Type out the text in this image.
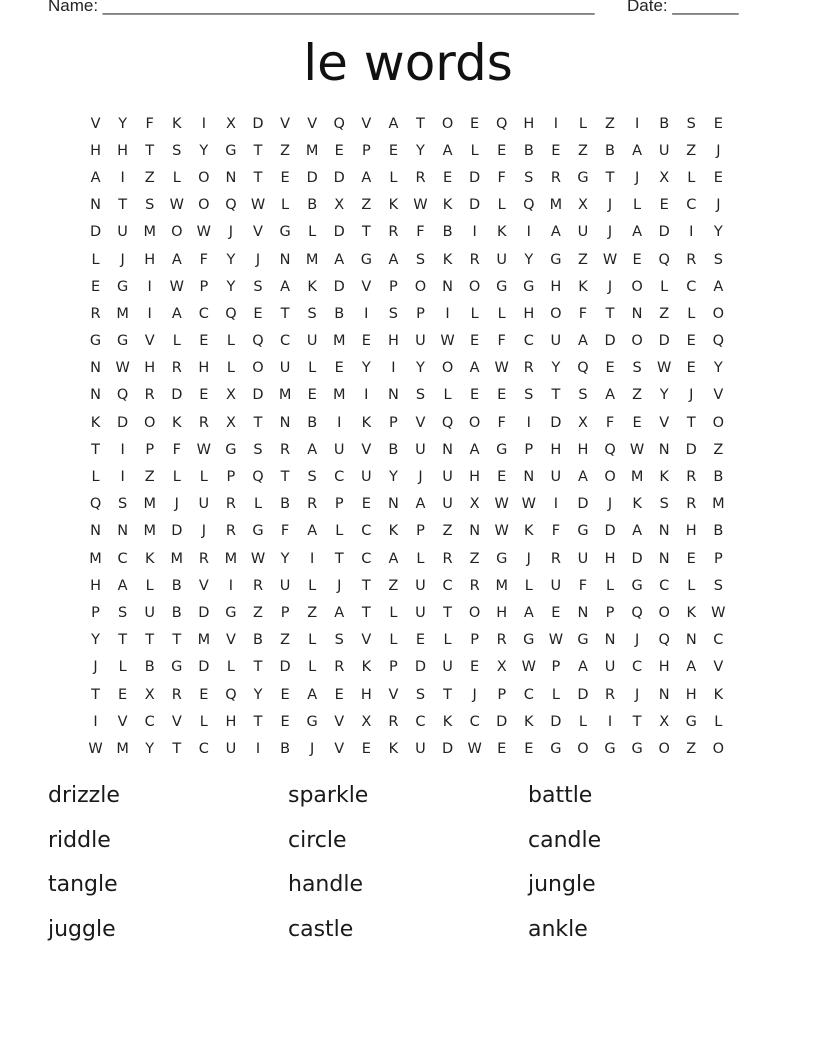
Name: ____________________________________________________ Date: _______
le words
V	Y	F	K	I	X	D	V	V	Q	V	A	T	O	E	Q	H	I	L	Z	I	B	S	E
H	H	T	S	Y	G	T	Z	M	E	P	E	Y	A	L	E	B	E	Z	B	A	U	Z	J
A	I	Z	L	O	N	T	E	D	D	A	L	R	E	D	F	S	R	G	T	J	X	L	E
N	T	S	W O	Q W	L	B	X	Z	K	W	K	D	L	Q	M	X	J	L	E	C	J
D	U	M	O W	J	V	G	L	D	T	R	F	B	I	K	I	A	U	J	A	D	I	Y
L	J	H	A	F	Y	J	N	M	A	G	A	S	K	R	U	Y	G	Z	W	E	Q	R	S
E	G	I	W	P	Y	S	A	K	D	V	P	O	N	O	G	G	H	K	J	O	L	C	A
R	M	I	A	C	Q	E	T	S	B	I	S	P	I	L	L	H	O	F	T	N	Z	L	O
G	G	V	L	E	L	Q	C	U	M	E	H	U	W	E	F	C	U	A	D	O	D	E	Q
N W H	R	H	L	O	U	L	E	Y	I	Y	O	A	W	R	Y	Q	E	S	W	E	Y
N	Q	R	D	E	X	D	M	E	M	I	N	S	L	E	E	S	T	S	A	Z	Y	J	V
K	D	O	K	R	X	T	N	B	I	K	P	V	Q	O	F	I	D	X	F	E	V	T	O
T	I	P	F	W G	S	R	A	U	V	B	U	N	A	G	P	H	H	Q W N	D	Z
L	I	Z	L	L	P	Q	T	S	C	U	Y	J	U	H	E	N	U	A	O	M	K	R	B
Q	S	M	J	U	R	L	B	R	P	E	N	A	U	X	W W	I	D	J	K	S	R	M
N	N	M	D	J	R	G	F	A	L	C	K	P	Z	N W	K	F	G	D	A	N	H	B
M	C	K	M	R	M W	Y	I	T	C	A	L	R	Z	G	J	R	U	H	D	N	E	P
H	A	L	B	V	I	R	U	L	J	T	Z	U	C	R	M	L	U	F	L	G	C	L	S
P	S	U	B	D	G	Z	P	Z	A	T	L	U	T	O	H	A	E	N	P	Q	O	K	W
Y	T	T	T	M	V	B	Z	L	S	V	L	E	L	P	R	G W G	N	J	Q	N	C
J	L	B	G	D	L	T	D	L	R	K	P	D	U	E	X	W	P	A	U	C	H	A	V
T	E	X	R	E	Q	Y	E	A	E	H	V	S	T	J	P	C	L	D	R	J	N	H	K
I	V	C	V	L	H	T	E	G	V	X	R	C	K	C	D	K	D	L	I	T	X	G	L
W M	Y	T	C	U	I	B	J	V	E	K	U	D W	E	E	G	O	G	G	O	Z	O
drizzle	sparkle	battle
riddle	circle	candle
tangle	handle	jungle
juggle	castle	ankle
